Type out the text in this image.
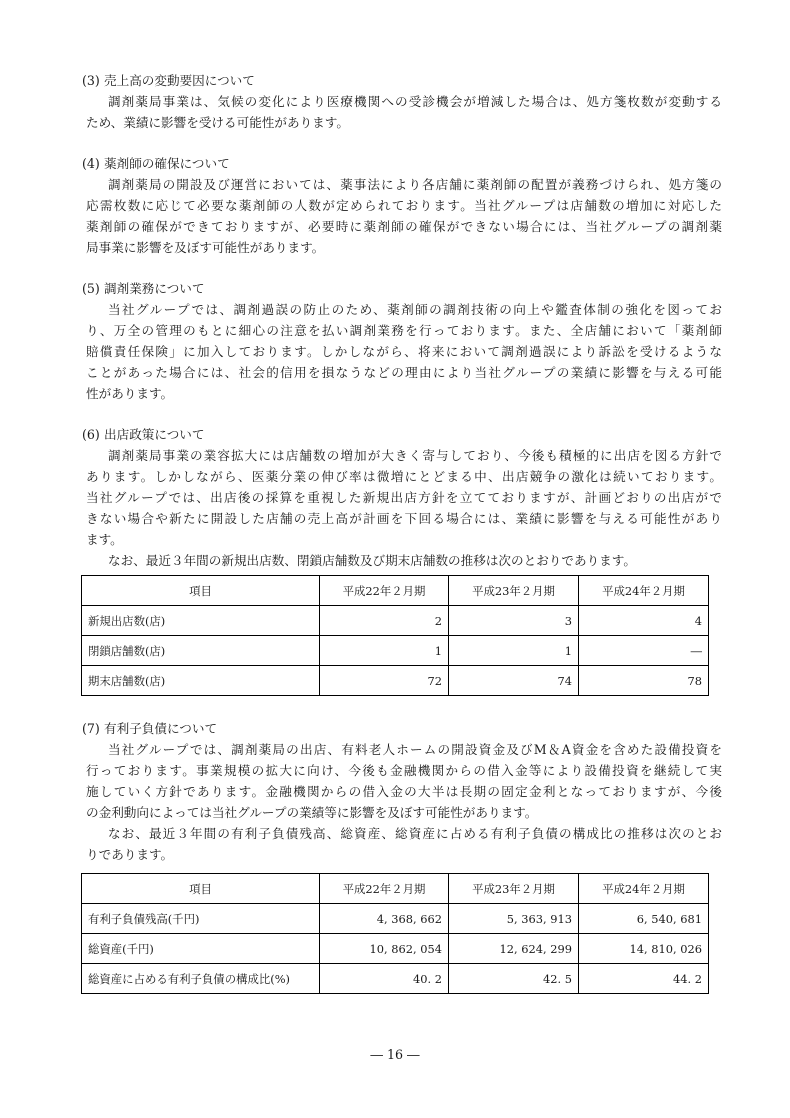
(3) 売上高の変動要因について
調剤薬局事業は、気候の変化により医療機関への受診機会が増減した場合は、処方箋枚数が変動する
ため、業績に影響を受ける可能性があります。
(4) 薬剤師の確保について
調剤薬局の開設及び運営においては、薬事法により各店舗に薬剤師の配置が義務づけられ、処方箋の
応需枚数に応じて必要な薬剤師の人数が定められております。当社グループは店舗数の増加に対応した
薬剤師の確保ができておりますが、必要時に薬剤師の確保ができない場合には、当社グループの調剤薬
局事業に影響を及ぼす可能性があります。
(5) 調剤業務について
当社グループでは、調剤過誤の防止のため、薬剤師の調剤技術の向上や鑑査体制の強化を図ってお
り、万全の管理のもとに細心の注意を払い調剤業務を行っております。また、全店舗において「薬剤師
賠償責任保険」に加入しております。しかしながら、将来において調剤過誤により訴訟を受けるような
ことがあった場合には、社会的信用を損なうなどの理由により当社グループの業績に影響を与える可能
性があります。
(6) 出店政策について
調剤薬局事業の業容拡大には店舗数の増加が大きく寄与しており、今後も積極的に出店を図る方針で
あります。しかしながら、医薬分業の伸び率は微増にとどまる中、出店競争の激化は続いております。
当社グループでは、出店後の採算を重視した新規出店方針を立てておりますが、計画どおりの出店がで
きない場合や新たに開設した店舗の売上高が計画を下回る場合には、業績に影響を与える可能性があり
ます。
なお、最近３年間の新規出店数、閉鎖店舗数及び期末店舗数の推移は次のとおりであります。
項目	平成22年２月期	平成23年２月期	平成24年２月期
新規出店数(店)	2	3	4
閉鎖店舗数(店)	1	1	―
期末店舗数(店)	72	74	78
(7) 有利子負債について
当社グループでは、調剤薬局の出店、有料老人ホームの開設資金及びM＆A資金を含めた設備投資を
行っております。事業規模の拡大に向け、今後も金融機関からの借入金等により設備投資を継続して実
施していく方針であります。金融機関からの借入金の大半は長期の固定金利となっておりますが、今後
の金利動向によっては当社グループの業績等に影響を及ぼす可能性があります。
なお、最近３年間の有利子負債残高、総資産、総資産に占める有利子負債の構成比の推移は次のとお
りであります。
項目	平成22年２月期	平成23年２月期	平成24年２月期
有利子負債残高(千円)	4, 368, 662	5, 363, 913	6, 540, 681
総資産(千円)	10, 862, 054	12, 624, 299	14, 810, 026
総資産に占める有利子負債の構成比(%)	40. 2	42. 5	44. 2
― 16 ―
